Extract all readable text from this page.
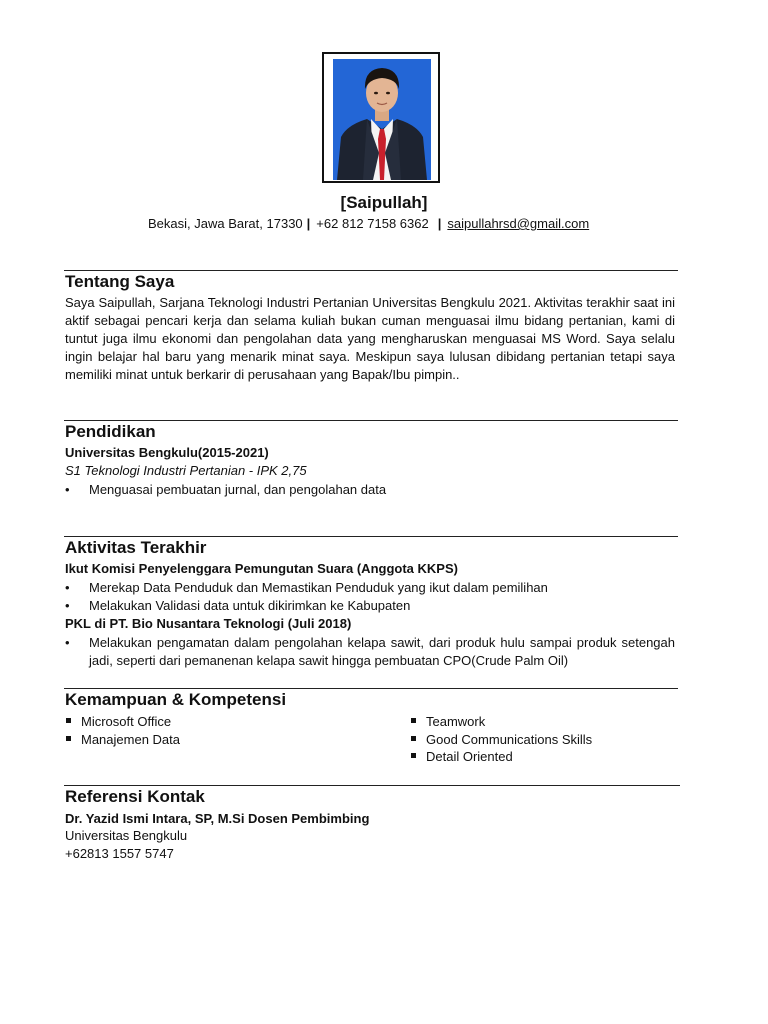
[Saipullah]
Bekasi, Jawa Barat, 17330 | +62 812 7158 6362 | saipullahrsd@gmail.com
Tentang Saya
Saya Saipullah, Sarjana Teknologi Industri Pertanian Universitas Bengkulu 2021. Aktivitas terakhir saat ini aktif sebagai pencari kerja dan selama kuliah bukan cuman menguasai ilmu bidang pertanian, kami di tuntut juga ilmu ekonomi dan pengolahan data yang mengharuskan menguasai MS Word. Saya selalu ingin belajar hal baru yang menarik minat saya. Meskipun saya lulusan dibidang pertanian tetapi saya memiliki minat untuk berkarir di perusahaan yang Bapak/Ibu pimpin..
Pendidikan
Universitas Bengkulu(2015-2021)
S1 Teknologi Industri Pertanian - IPK 2,75
• Menguasai pembuatan jurnal, dan pengolahan data
Aktivitas Terakhir
Ikut Komisi Penyelenggara Pemungutan Suara (Anggota KKPS)
• Merekap Data Penduduk dan Memastikan Penduduk yang ikut dalam pemilihan
• Melakukan Validasi data untuk dikirimkan ke Kabupaten
PKL di PT. Bio Nusantara Teknologi (Juli 2018)
• Melakukan pengamatan dalam pengolahan kelapa sawit, dari produk hulu sampai produk setengah jadi, seperti dari pemanenan kelapa sawit hingga pembuatan CPO(Crude Palm Oil)
Kemampuan & Kompetensi
Microsoft Office
Manajemen Data
Teamwork
Good Communications Skills
Detail Oriented
Referensi Kontak
Dr. Yazid Ismi Intara, SP, M.Si Dosen Pembimbing
Universitas Bengkulu
+62813 1557 5747
